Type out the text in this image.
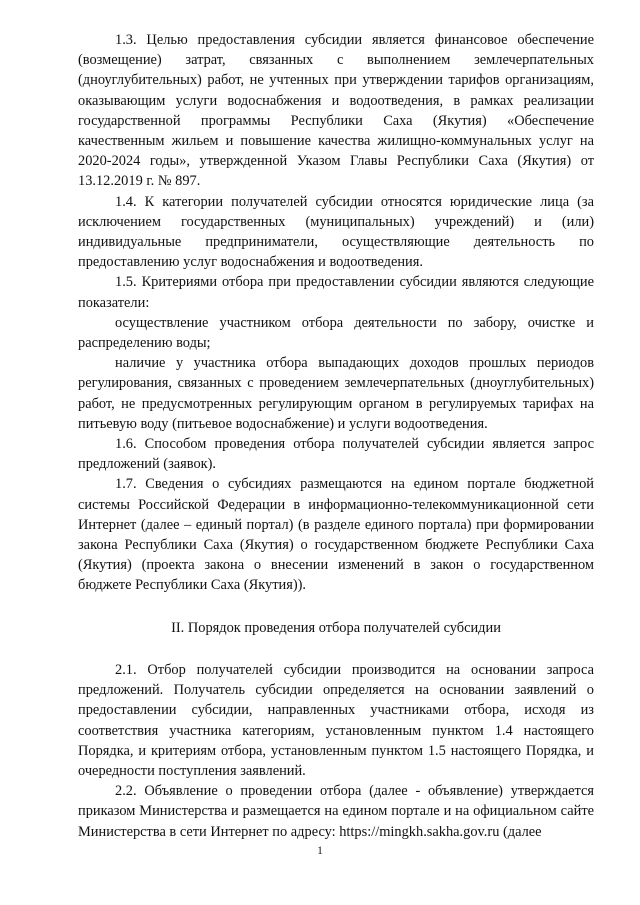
1.3. Целью предоставления субсидии является финансовое обеспечение (возмещение) затрат, связанных с выполнением землечерпательных (дноуглубительных) работ, не учтенных при утверждении тарифов организациям, оказывающим услуги водоснабжения и водоотведения, в рамках реализации государственной программы Республики Саха (Якутия) «Обеспечение качественным жильем и повышение качества жилищно-коммунальных услуг на 2020-2024 годы», утвержденной Указом Главы Республики Саха (Якутия) от 13.12.2019 г. № 897.

1.4. К категории получателей субсидии относятся юридические лица (за исключением государственных (муниципальных) учреждений) и (или) индивидуальные предприниматели, осуществляющие деятельность по предоставлению услуг водоснабжения и водоотведения.

1.5. Критериями отбора при предоставлении субсидии являются следующие показатели:

осуществление участником отбора деятельности по забору, очистке и распределению воды;

наличие у участника отбора выпадающих доходов прошлых периодов регулирования, связанных с проведением землечерпательных (дноуглубительных) работ, не предусмотренных регулирующим органом в регулируемых тарифах на питьевую воду (питьевое водоснабжение) и услуги водоотведения.

1.6. Способом проведения отбора получателей субсидии является запрос предложений (заявок).

1.7. Сведения о субсидиях размещаются на едином портале бюджетной системы Российской Федерации в информационно-телекоммуникационной сети Интернет (далее – единый портал) (в разделе единого портала) при формировании закона Республики Саха (Якутия) о государственном бюджете Республики Саха (Якутия) (проекта закона о внесении изменений в закон о государственном бюджете Республики Саха (Якутия)).

II. Порядок проведения отбора получателей субсидии

2.1. Отбор получателей субсидии производится на основании запроса предложений. Получатель субсидии определяется на основании заявлений о предоставлении субсидии, направленных участниками отбора, исходя из соответствия участника категориям, установленным пунктом 1.4 настоящего Порядка, и критериям отбора, установленным пунктом 1.5 настоящего Порядка, и очередности поступления заявлений.

2.2. Объявление о проведении отбора (далее - объявление) утверждается приказом Министерства и размещается на едином портале и на официальном сайте Министерства в сети Интернет по адресу: https://mingkh.sakha.gov.ru (далее

1
